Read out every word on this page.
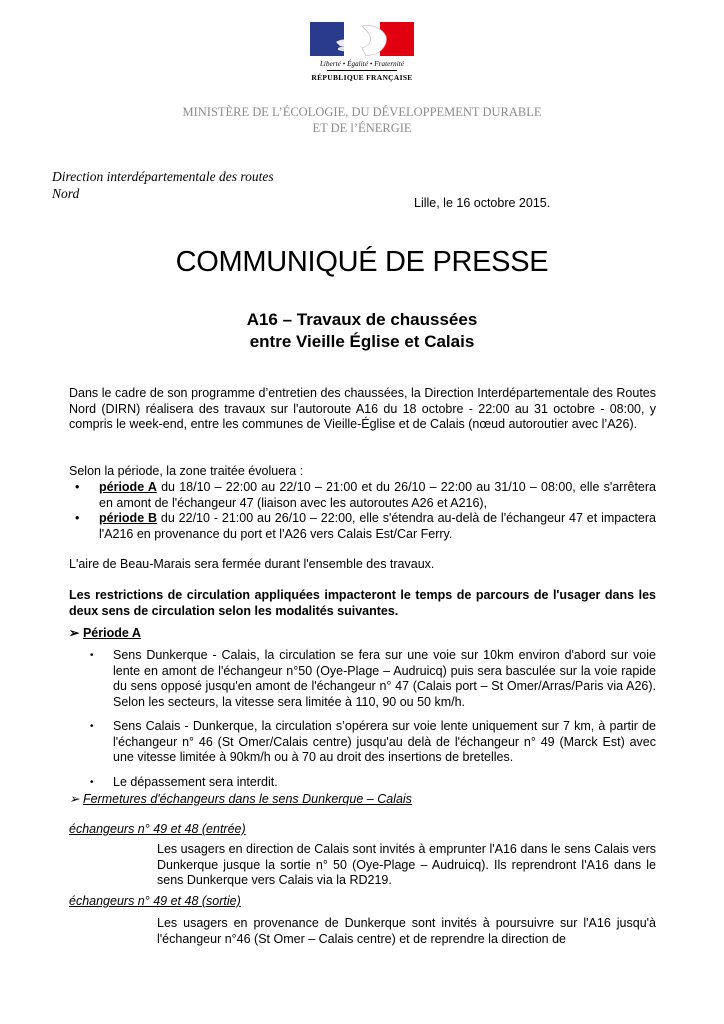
Liberté • Égalité • Fraternité
RÉPUBLIQUE FRANÇAISE
MINISTÈRE DE L’ÉCOLOGIE, DU DÉVELOPPEMENT DURABLE
ET DE l’ÉNERGIE
Direction interdépartementale des routes
Nord
Lille, le 16 octobre 2015.
COMMUNIQUÉ DE PRESSE
A16 – Travaux de chaussées
entre Vieille Église et Calais
Dans le cadre de son programme d’entretien des chaussées, la Direction Interdépartementale des Routes Nord (DIRN) réalisera des travaux sur l'autoroute A16 du 18 octobre - 22:00 au 31 octobre - 08:00, y compris le week-end, entre les communes de Vieille-Église et de Calais (nœud autoroutier avec l’A26).
Selon la période, la zone traitée évoluera :
• période A du 18/10 – 22:00 au 22/10 – 21:00 et du 26/10 – 22:00 au 31/10 – 08:00, elle s'arrêtera en amont de l'échangeur 47 (liaison avec les autoroutes A26 et A216),
• période B du 22/10 - 21:00 au 26/10 – 22:00, elle s'étendra au-delà de l'échangeur 47 et impactera l'A216 en provenance du port et l'A26 vers Calais Est/Car Ferry.
L'aire de Beau-Marais sera fermée durant l'ensemble des travaux.
Les restrictions de circulation appliquées impacteront le temps de parcours de l'usager dans les deux sens de circulation selon les modalités suivantes.
➢ Période A
• Sens Dunkerque - Calais, la circulation se fera sur une voie sur 10km environ d'abord sur voie lente en amont de l'échangeur n°50 (Oye-Plage – Audruicq) puis sera basculée sur la voie rapide du sens opposé jusqu'en amont de l'échangeur n° 47 (Calais port – St Omer/Arras/Paris via A26). Selon les secteurs, la vitesse sera limitée à 110, 90 ou 50 km/h.
• Sens Calais - Dunkerque, la circulation s’opérera sur voie lente uniquement sur 7 km, à partir de l'échangeur n° 46 (St Omer/Calais centre) jusqu'au delà de l'échangeur n° 49 (Marck Est) avec une vitesse limitée à 90km/h ou à 70 au droit des insertions de bretelles.
• Le dépassement sera interdit.
➢ Fermetures d'échangeurs dans le sens Dunkerque – Calais
échangeurs n° 49 et 48 (entrée)
Les usagers en direction de Calais sont invités à emprunter l'A16 dans le sens Calais vers Dunkerque jusque la sortie n° 50 (Oye-Plage – Audruicq). Ils reprendront l'A16 dans le sens Dunkerque vers Calais via la RD219.
échangeurs n° 49 et 48 (sortie)
Les usagers en provenance de Dunkerque sont invités à poursuivre sur l'A16 jusqu'à l'échangeur n°46 (St Omer – Calais centre) et de reprendre la direction de
